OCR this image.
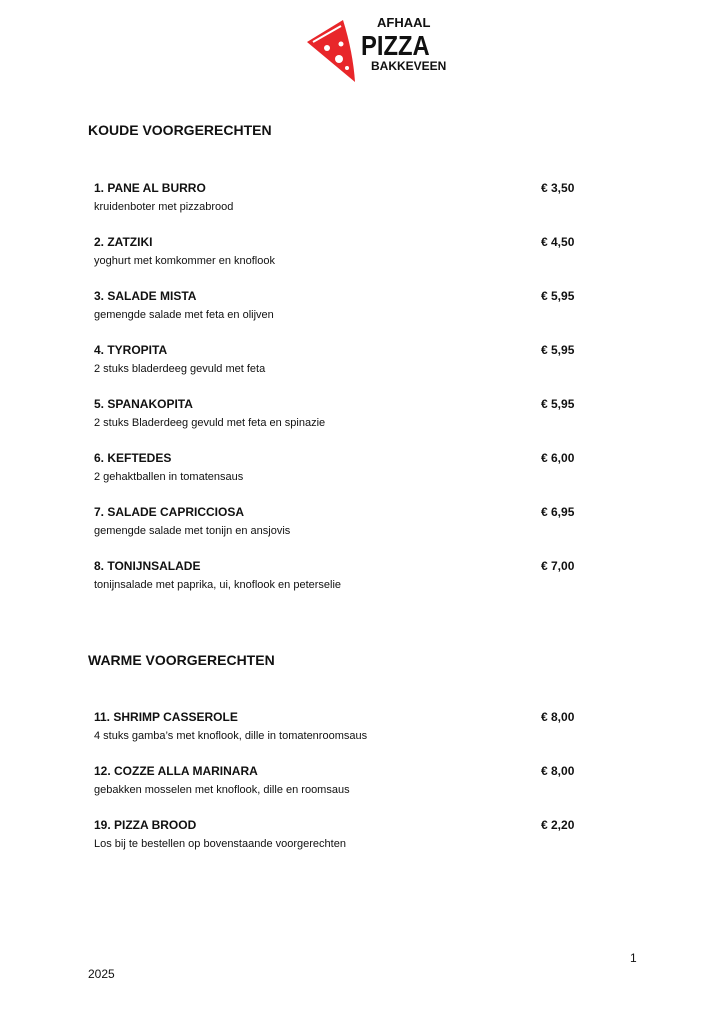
AFHAAL
PIZZA
BAKKEVEEN
KOUDE VOORGERECHTEN
1. PANE AL BURRO	€ 3,50
kruidenboter met pizzabrood
2. ZATZIKI	€ 4,50
yoghurt met komkommer en knoflook
3. SALADE MISTA	€ 5,95
gemengde salade met feta en olijven
4. TYROPITA	€ 5,95
2 stuks bladerdeeg gevuld met feta
5. SPANAKOPITA	€ 5,95
2 stuks Bladerdeeg gevuld met feta en spinazie
6. KEFTEDES	€ 6,00
2 gehaktballen in tomatensaus
7. SALADE CAPRICCIOSA	€ 6,95
gemengde salade met tonijn en ansjovis
8. TONIJNSALADE	€ 7,00
tonijnsalade met paprika, ui, knoflook en peterselie
WARME VOORGERECHTEN
11. SHRIMP CASSEROLE	€ 8,00
4 stuks gamba’s met knoflook, dille in tomatenroomsaus
12. COZZE ALLA MARINARA	€ 8,00
gebakken mosselen met knoflook, dille en roomsaus
19. PIZZA BROOD	€ 2,20
Los bij te bestellen op bovenstaande voorgerechten
1
2025
